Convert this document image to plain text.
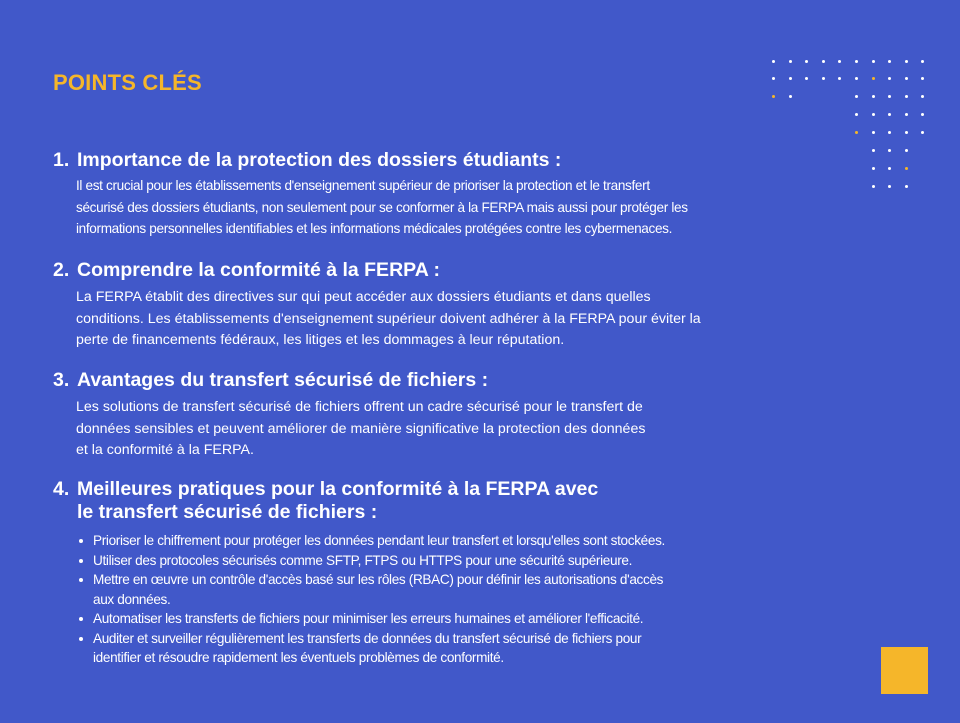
POINTS CLÉS
1. Importance de la protection des dossiers étudiants :
Il est crucial pour les établissements d'enseignement supérieur de prioriser la protection et le transfert
sécurisé des dossiers étudiants, non seulement pour se conformer à la FERPA mais aussi pour protéger les
informations personnelles identifiables et les informations médicales protégées contre les cybermenaces.
2. Comprendre la conformité à la FERPA :
La FERPA établit des directives sur qui peut accéder aux dossiers étudiants et dans quelles
conditions. Les établissements d'enseignement supérieur doivent adhérer à la FERPA pour éviter la
perte de financements fédéraux, les litiges et les dommages à leur réputation.
3. Avantages du transfert sécurisé de fichiers :
Les solutions de transfert sécurisé de fichiers offrent un cadre sécurisé pour le transfert de
données sensibles et peuvent améliorer de manière significative la protection des données
et la conformité à la FERPA.
4. Meilleures pratiques pour la conformité à la FERPA avec
le transfert sécurisé de fichiers :
Prioriser le chiffrement pour protéger les données pendant leur transfert et lorsqu'elles sont stockées.
Utiliser des protocoles sécurisés comme SFTP, FTPS ou HTTPS pour une sécurité supérieure.
Mettre en œuvre un contrôle d'accès basé sur les rôles (RBAC) pour définir les autorisations d'accès
aux données.
Automatiser les transferts de fichiers pour minimiser les erreurs humaines et améliorer l'efficacité.
Auditer et surveiller régulièrement les transferts de données du transfert sécurisé de fichiers pour
identifier et résoudre rapidement les éventuels problèmes de conformité.
